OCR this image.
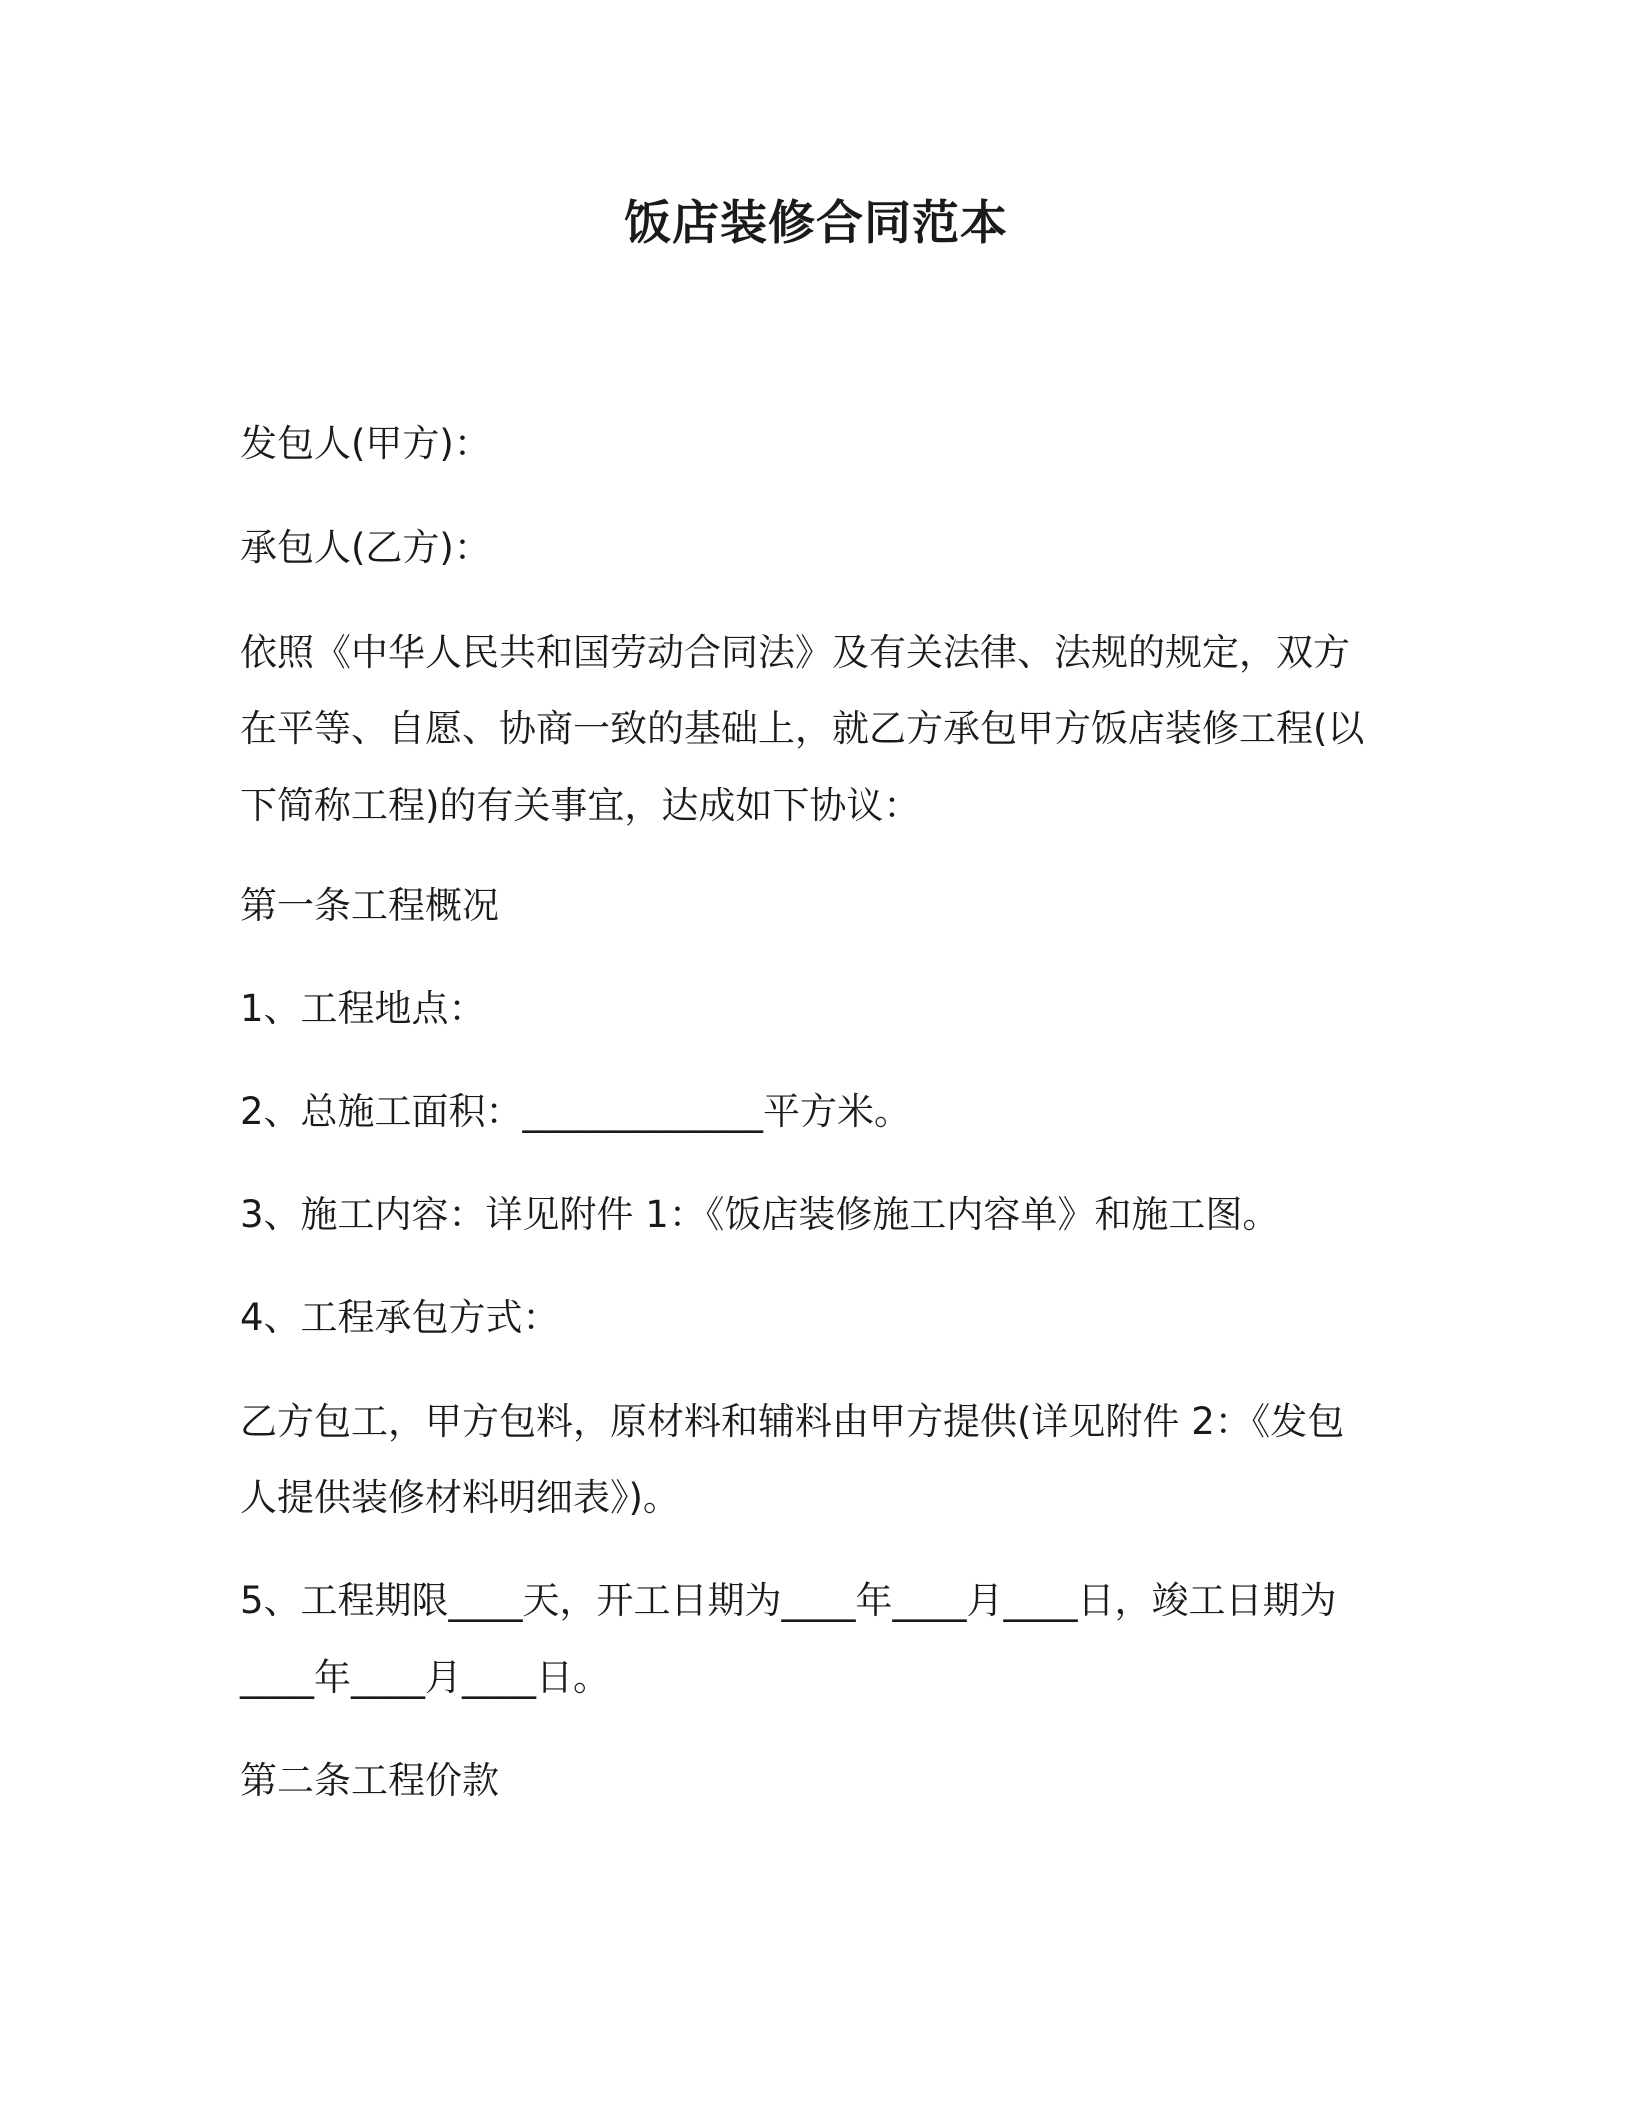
饭店装修合同范本
发包人(甲方)：
承包人(乙方)：
依照《中华人民共和国劳动合同法》及有关法律、法规的规定，双方
在平等、自愿、协商一致的基础上，就乙方承包甲方饭店装修工程(以
下简称工程)的有关事宜，达成如下协议：
第一条工程概况
1、工程地点：
2、总施工面积：_____________平方米。
3、施工内容：详见附件 1：《饭店装修施工内容单》和施工图。
4、工程承包方式：
乙方包工，甲方包料，原材料和辅料由甲方提供(详见附件 2：《发包
人提供装修材料明细表》)。
5、工程期限____天，开工日期为____年____月____日，竣工日期为
____年____月____日。
第二条工程价款
